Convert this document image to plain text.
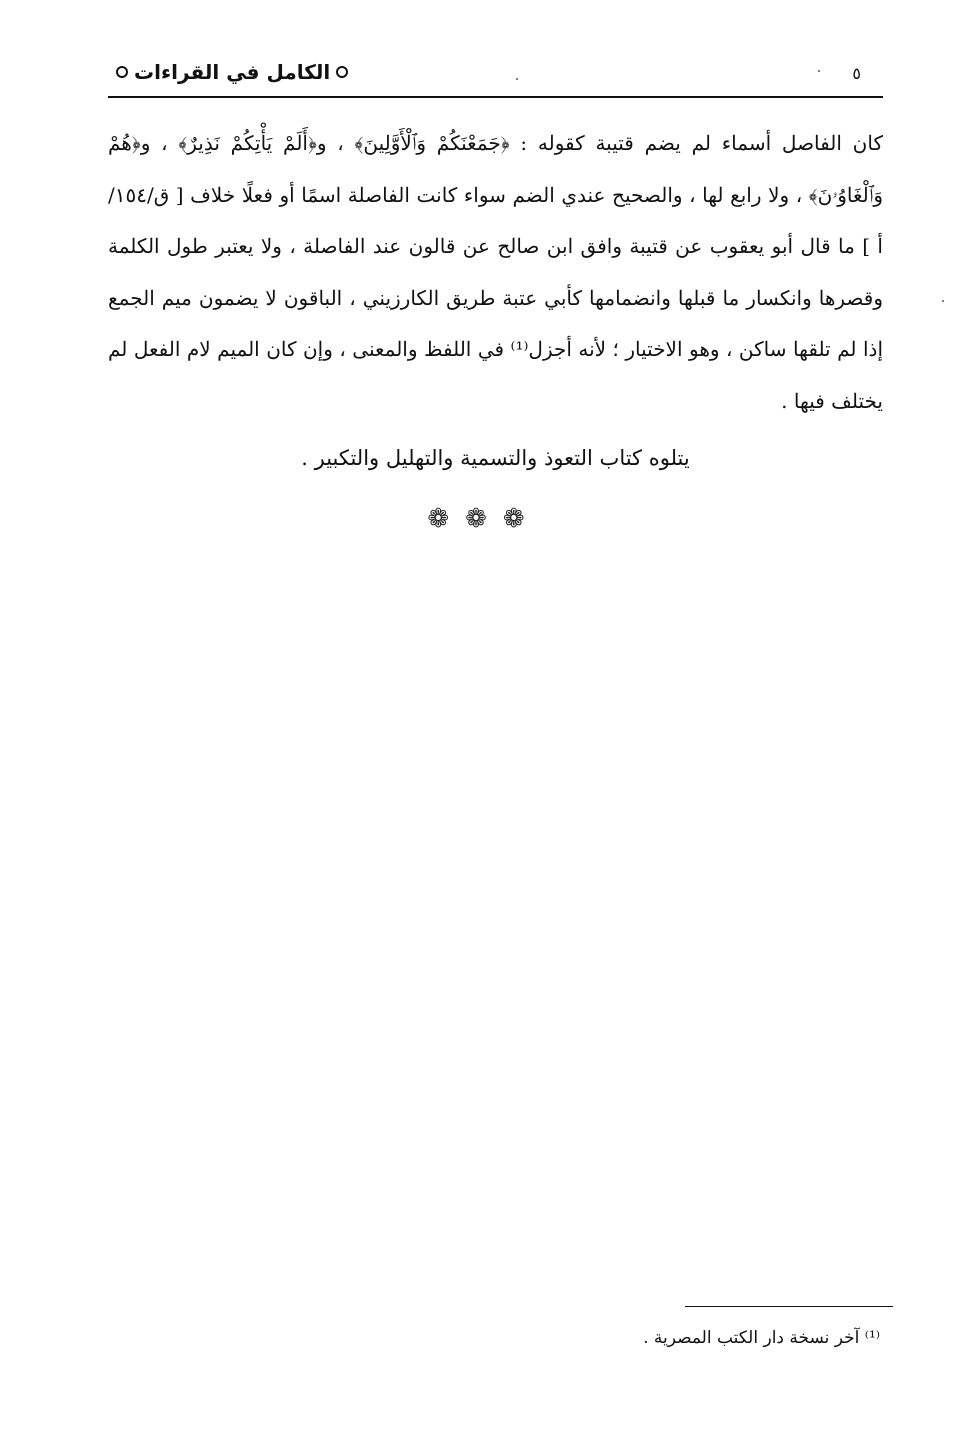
الكامل في القراءات	٥

كان الفاصل أسماء لم يضم قتيبة كقوله : ﴿جَمَعْنَكُمْ وَٱلْأَوَّلِينَ﴾ ، و﴿أَلَمْ يَأْتِكُمْ نَذِيرٌ﴾ ، و﴿هُمْ وَٱلْغَاوُۥنَ﴾ ، ولا رابع لها ، والصحيح عندي الضم سواء كانت الفاصلة اسمًا أو فعلًا خلاف [ ق/١٥٤/أ ] ما قال أبو يعقوب عن قتيبة وافق ابن صالح عن قالون عند الفاصلة ، ولا يعتبر طول الكلمة وقصرها وانكسار ما قبلها وانضمامها كأبي عتبة طريق الكارزيني ، الباقون لا يضمون ميم الجمع إذا لم تلقها ساكن ، وهو الاختيار ؛ لأنه أجزل⁽¹⁾ في اللفظ والمعنى ، وإن كان الميم لام الفعل لم يختلف فيها .

يتلوه كتاب التعوذ والتسمية والتهليل والتكبير .

❁❁❁

⁽¹⁾ آخر نسخة دار الكتب المصرية .
